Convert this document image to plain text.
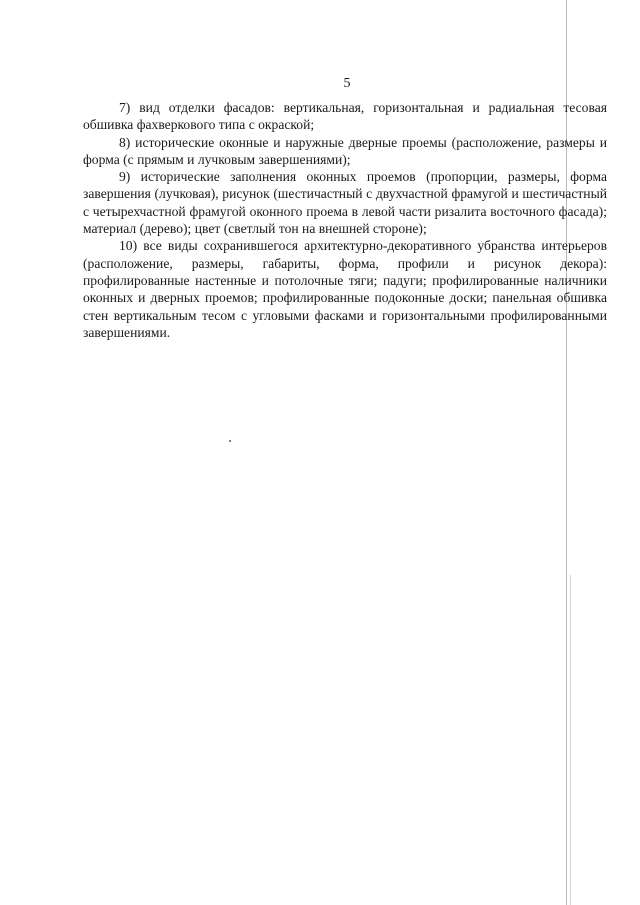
5

7) вид отделки фасадов: вертикальная, горизонтальная и радиальная тесовая обшивка фахверкового типа с окраской;

8) исторические оконные и наружные дверные проемы (расположение, размеры и форма (с прямым и лучковым завершениями);

9) исторические заполнения оконных проемов (пропорции, размеры, форма завершения (лучковая), рисунок (шестичастный с двухчастной фрамугой и шестичастный с четырехчастной фрамугой оконного проема в левой части ризалита восточного фасада); материал (дерево); цвет (светлый тон на внешней стороне);

10) все виды сохранившегося архитектурно-декоративного убранства интерьеров (расположение, размеры, габариты, форма, профили и рисунок декора): профилированные настенные и потолочные тяги; падуги; профилированные наличники оконных и дверных проемов; профилированные подоконные доски; панельная обшивка стен вертикальным тесом с угловыми фасками и горизонтальными профилированными завершениями.
